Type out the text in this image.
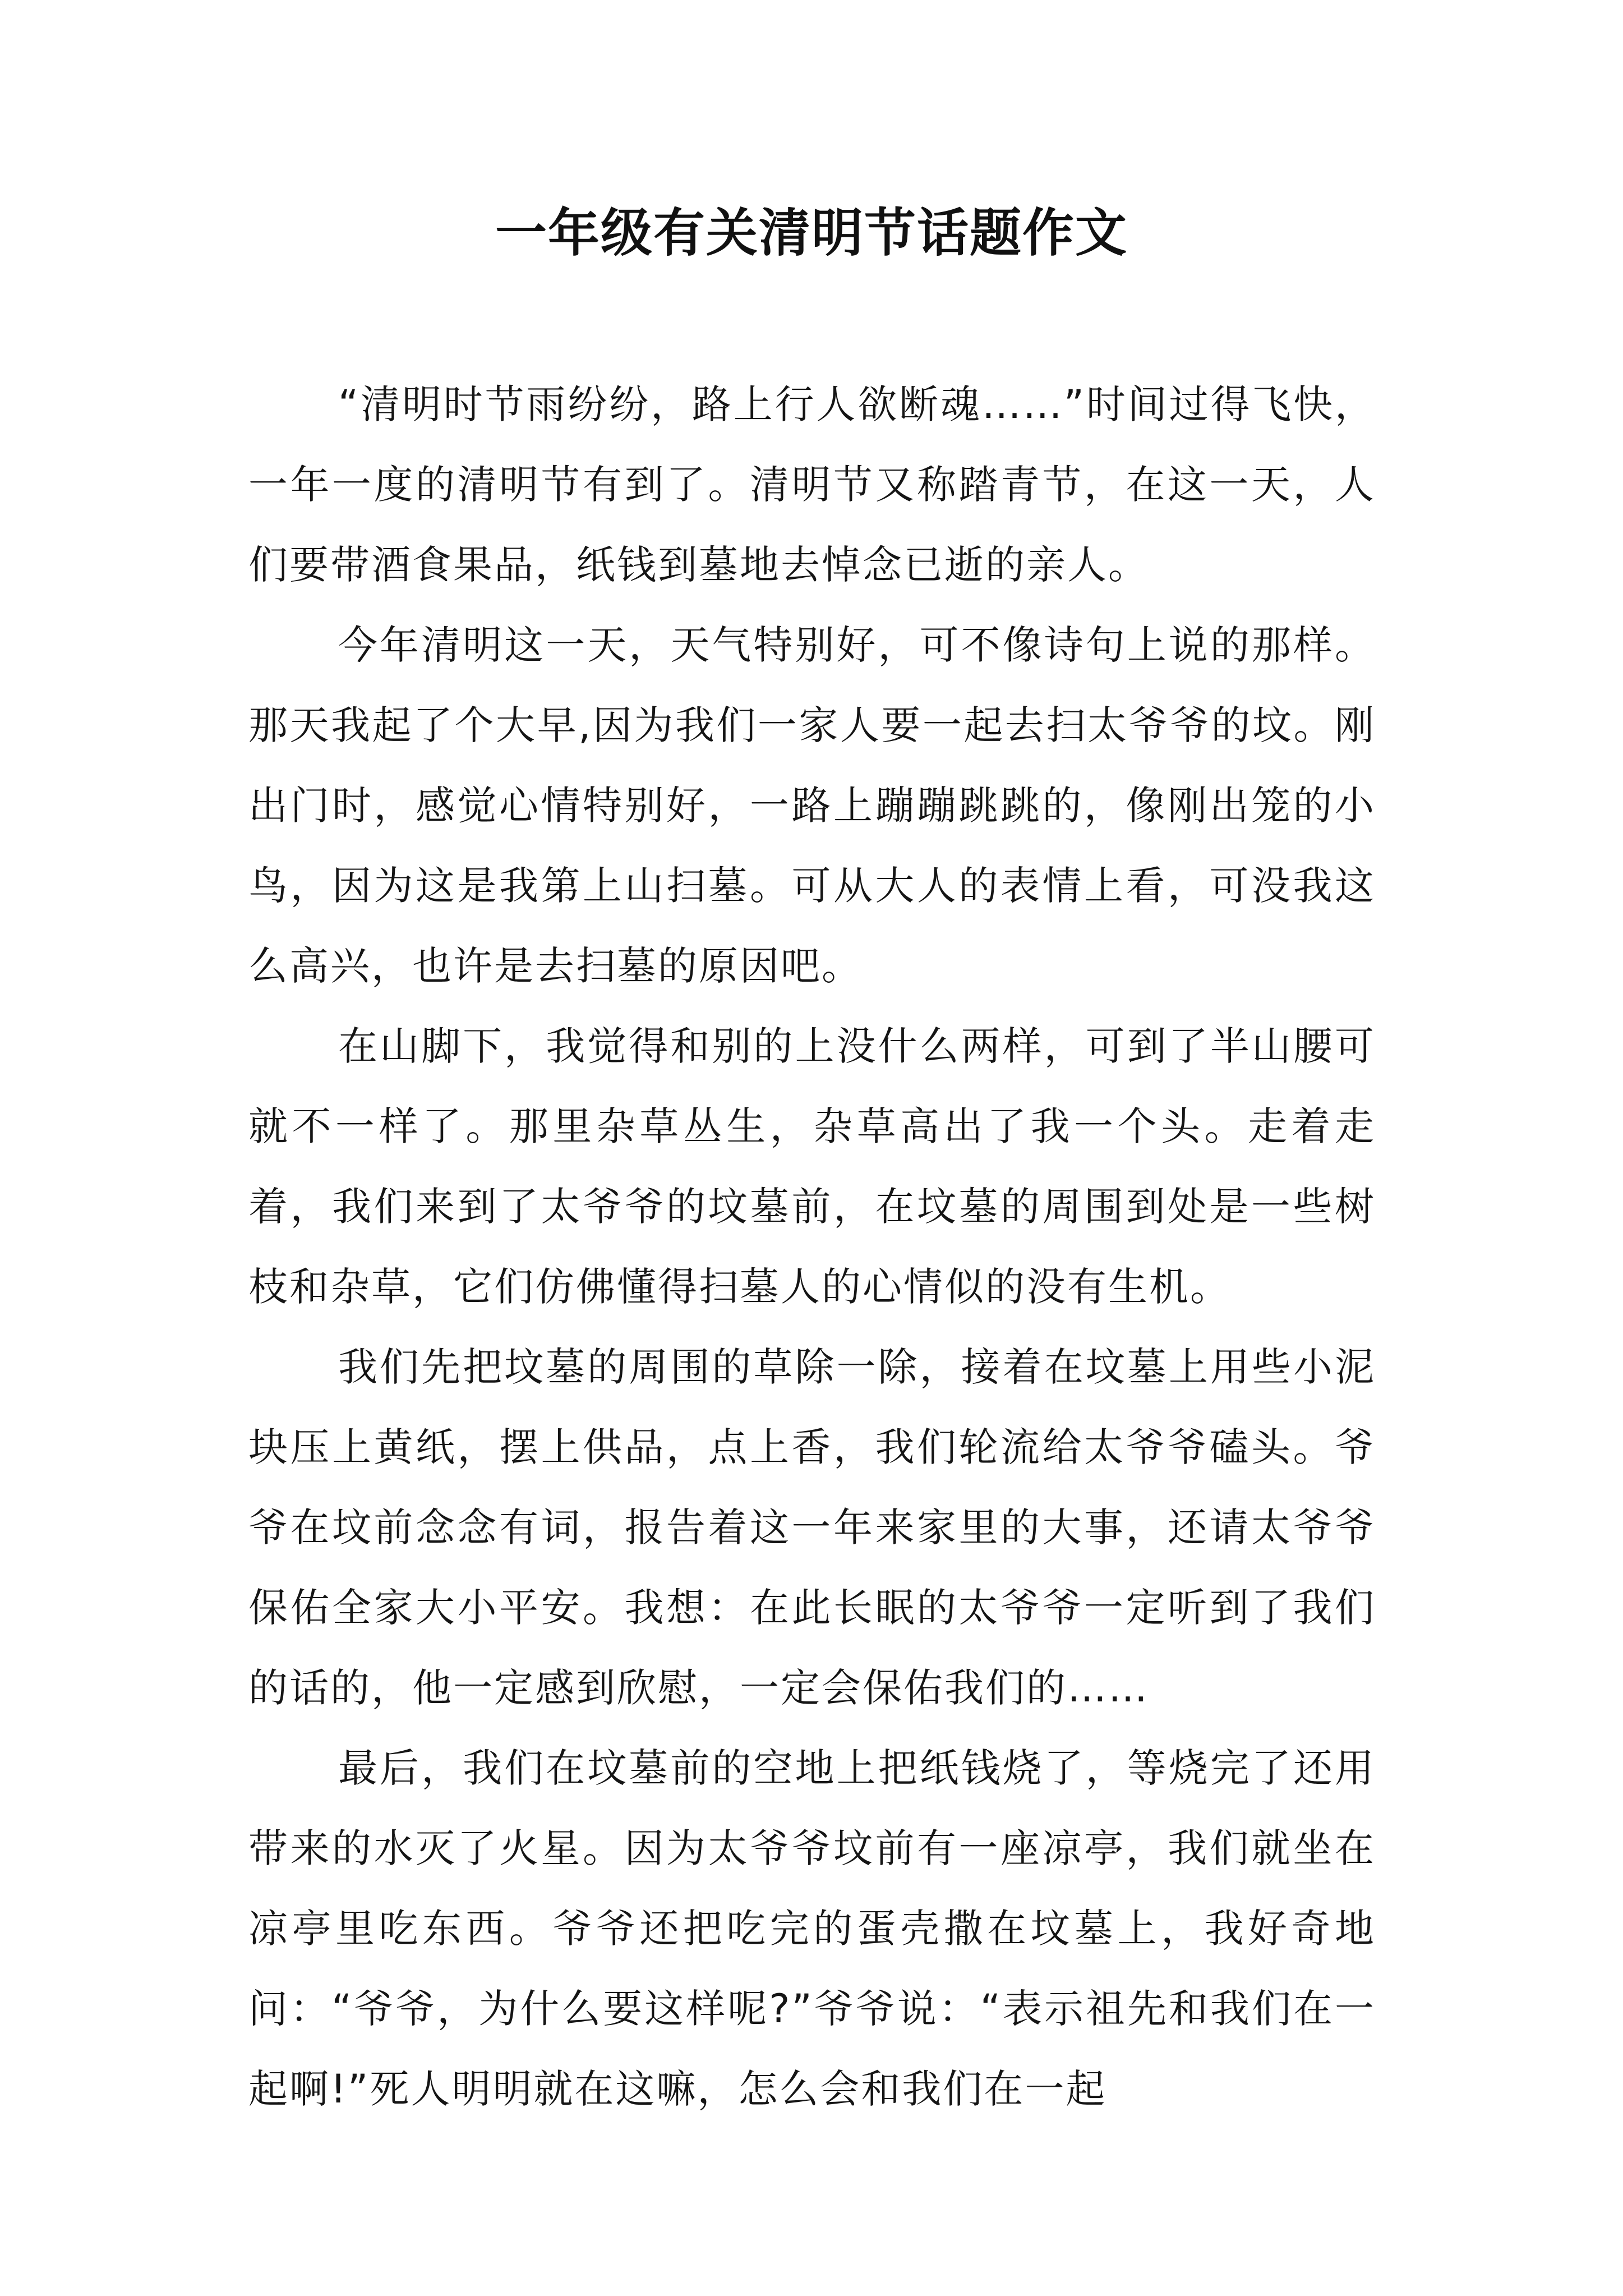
一年级有关清明节话题作文

“清明时节雨纷纷，路上行人欲断魂……”时间过得飞快，一年一度的清明节有到了。清明节又称踏青节，在这一天，人们要带酒食果品，纸钱到墓地去悼念已逝的亲人。

今年清明这一天，天气特别好，可不像诗句上说的那样。那天我起了个大早,因为我们一家人要一起去扫太爷爷的坟。刚出门时，感觉心情特别好，一路上蹦蹦跳跳的，像刚出笼的小鸟，因为这是我第上山扫墓。可从大人的表情上看，可没我这么高兴，也许是去扫墓的原因吧。

在山脚下，我觉得和别的上没什么两样，可到了半山腰可就不一样了。那里杂草丛生，杂草高出了我一个头。走着走着，我们来到了太爷爷的坟墓前，在坟墓的周围到处是一些树枝和杂草，它们仿佛懂得扫墓人的心情似的没有生机。

我们先把坟墓的周围的草除一除，接着在坟墓上用些小泥块压上黄纸，摆上供品，点上香，我们轮流给太爷爷磕头。爷爷在坟前念念有词，报告着这一年来家里的大事，还请太爷爷保佑全家大小平安。我想：在此长眠的太爷爷一定听到了我们的话的，他一定感到欣慰，一定会保佑我们的……

最后，我们在坟墓前的空地上把纸钱烧了，等烧完了还用带来的水灭了火星。因为太爷爷坟前有一座凉亭，我们就坐在凉亭里吃东西。爷爷还把吃完的蛋壳撒在坟墓上，我好奇地问：“爷爷，为什么要这样呢?”爷爷说：“表示祖先和我们在一起啊!”死人明明就在这嘛，怎么会和我们在一起
